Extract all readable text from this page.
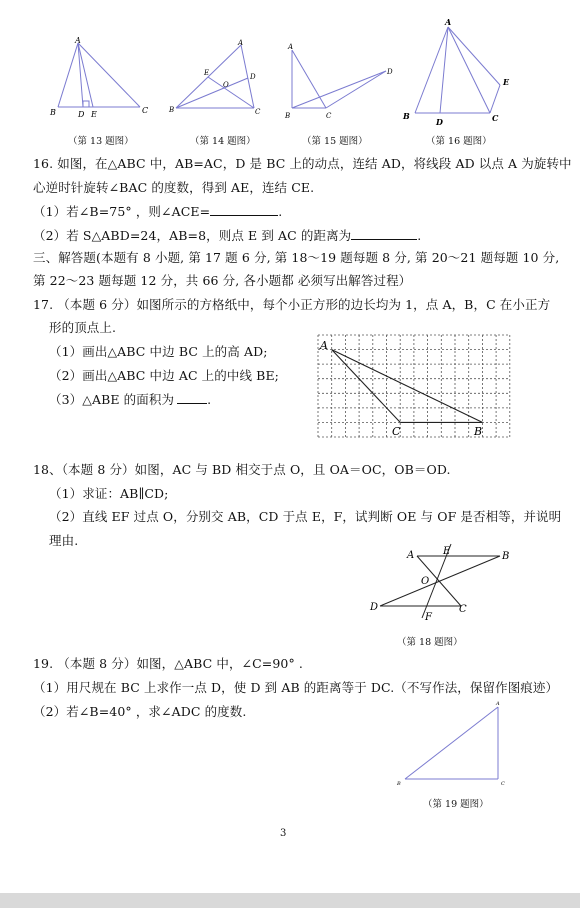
A
B	C
D E
A
B	C
E
O
D
A
B	C
D
A
B	C
D
E
（第 13 题图）	（第 14 题图）	（第 15 题图）	（第 16 题图）
16. 如图，在△ABC 中，AB=AC，D 是 BC 上的动点，连结 AD，将线段 AD 以点 A 为旋转中
心逆时针旋转∠BAC 的度数，得到 AE，连结 CE.
（1）若∠B=75° ，则∠ACE=	.
（2）若 S△ABD=24，AB=8，则点 E 到 AC 的距离为	.
三、解答题(本题有 8 小题, 第 17 题 6 分, 第 18～19 题每题 8 分, 第 20～21 题每题 10 分,
第 22～23 题每题 12 分，共 66 分, 各小题都 必须写出解答过程）
17. （本题 6 分）如图所示的方格纸中，每个小正方形的边长均为 1，点 A，B，C 在小正方
形的顶点上.
（1）画出△ABC 中边 BC 上的高 AD;
（2）画出△ABC 中边 AC 上的中线 BE;
（3）△ABE 的面积为	.
A
C	B
18、（本题 8 分）如图，AC 与 BD 相交于点 O，且 OA＝OC，OB＝OD.
（1）求证：AB∥CD;
（2）直线 EF 过点 O，分别交 AB，CD 于点 E，F，试判断 OE 与 OF 是否相等，并说明
理由.
A	E	B
O
D	C
F
（第 18 题图）
19. （本题 8 分）如图，△ABC 中，∠C=90° .
（1）用尺规在 BC 上求作一点 D，使 D 到 AB 的距离等于 DC.（不写作法，保留作图痕迹）
（2）若∠B=40° ，求∠ADC 的度数.	A
B	C
（第 19 题图）
3
